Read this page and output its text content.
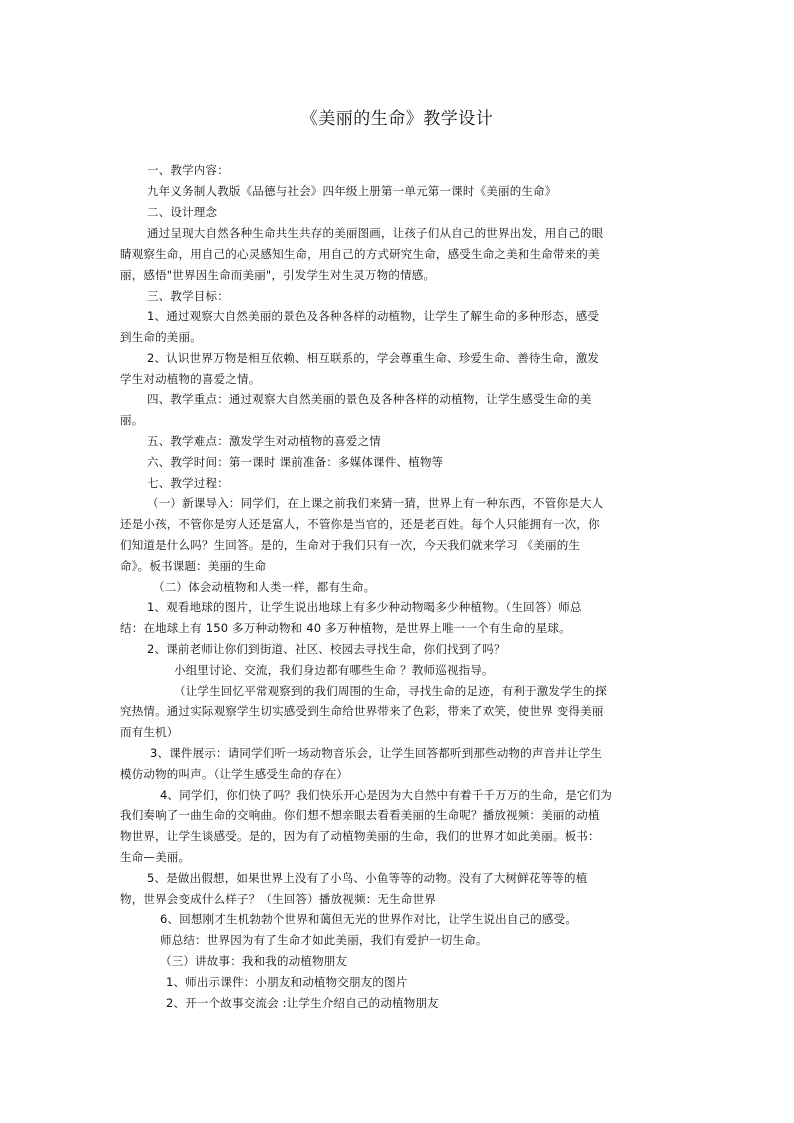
《美丽的生命》教学设计
一、教学内容：
九年义务制人教版《品德与社会》四年级上册第一单元第一课时《美丽的生命》
二、设计理念
通过呈现大自然各种生命共生共存的美丽图画，让孩子们从自己的世界出发，用自己的眼
睛观察生命，用自己的心灵感知生命，用自己的方式研究生命，感受生命之美和生命带来的美
丽，感悟"世界因生命而美丽"，引发学生对生灵万物的情感。
三、教学目标：
1、通过观察大自然美丽的景色及各种各样的动植物，让学生了解生命的多种形态，感受
到生命的美丽。
2、认识世界万物是相互依赖、相互联系的，学会尊重生命、珍爱生命、善待生命，激发
学生对动植物的喜爱之情。
四、教学重点：通过观察大自然美丽的景色及各种各样的动植物，让学生感受生命的美
丽。
五、教学难点：激发学生对动植物的喜爱之情
六、教学时间：第一课时 课前准备：多媒体课件、植物等
七、教学过程：
（一）新课导入：同学们，在上课之前我们来猜一猜，世界上有一种东西，不管你是大人
还是小孩，不管你是穷人还是富人，不管你是当官的，还是老百姓。每个人只能拥有一次，你
们知道是什么吗？生回答。是的，生命对于我们只有一次，今天我们就来学习 《美丽的生
命》。板书课题：美丽的生命
（二）体会动植物和人类一样，都有生命。
1、观看地球的图片，让学生说出地球上有多少种动物喝多少种植物。（生回答）师总
结：在地球上有 150 多万种动物和 40 多万种植物，是世界上唯一一个有生命的星球。
2、课前老师让你们到街道、社区、校园去寻找生命，你们找到了吗？
小组里讨论、交流，我们身边都有哪些生命 ？教师巡视指导。
（让学生回忆平常观察到的我们周围的生命，寻找生命的足迹，有利于激发学生的探
究热情。通过实际观察学生切实感受到生命给世界带来了色彩，带来了欢笑，使世界 变得美丽
而有生机）
3、课件展示：请同学们听一场动物音乐会，让学生回答都听到那些动物的声音并让学生
模仿动物的叫声。（让学生感受生命的存在）
4、同学们，你们快了吗？我们快乐开心是因为大自然中有着千千万万的生命，是它们为
我们奏响了一曲生命的交响曲。你们想不想亲眼去看看美丽的生命呢？播放视频：美丽的动植
物世界，让学生谈感受。是的，因为有了动植物美丽的生命，我们的世界才如此美丽。板书：
生命—美丽。
5、是做出假想，如果世界上没有了小鸟、小鱼等等的动物。没有了大树鲜花等等的植
物，世界会变成什么样子？（生回答）播放视频：无生命世界
6、回想刚才生机勃勃个世界和蔼但无光的世界作对比，让学生说出自己的感受。
师总结：世界因为有了生命才如此美丽，我们有爱护一切生命。
（三）讲故事：我和我的动植物朋友
1、师出示课件：小朋友和动植物交朋友的图片
2、开一个故事交流会 :让学生介绍自己的动植物朋友
